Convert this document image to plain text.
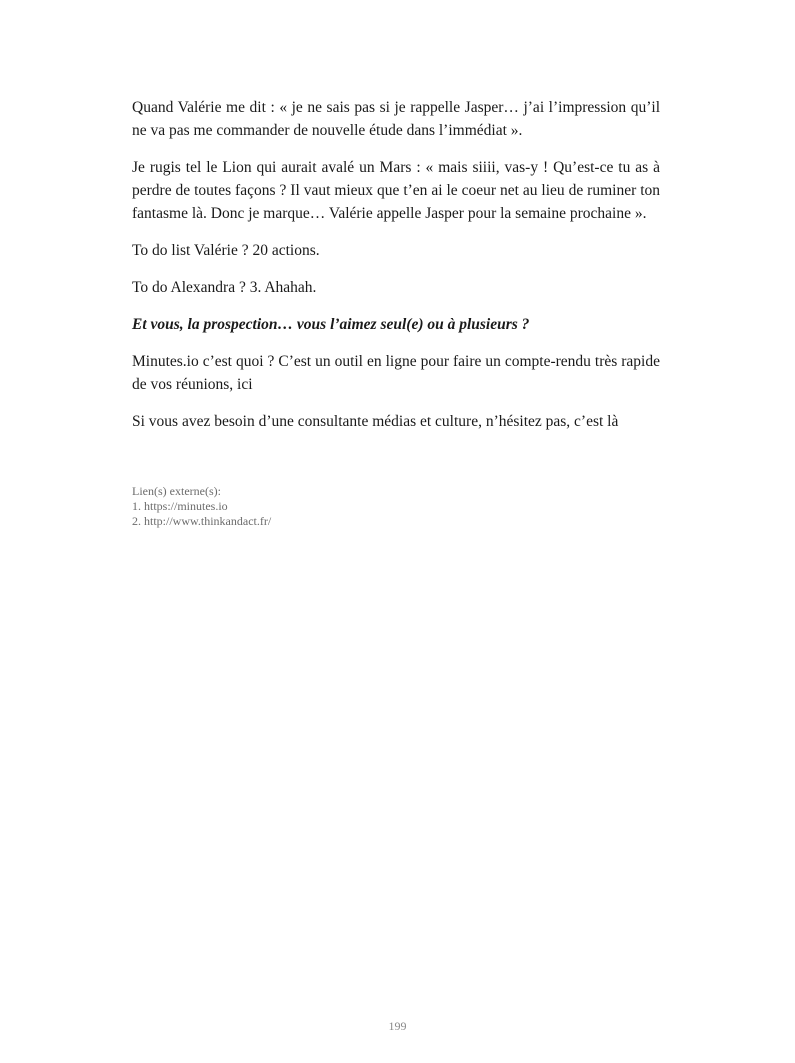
Quand Valérie me dit : « je ne sais pas si je rappelle Jasper… j’ai l’impression qu’il ne va pas me commander de nouvelle étude dans l’immédiat ».

Je rugis tel le Lion qui aurait avalé un Mars : « mais siiii, vas-y ! Qu’est-ce tu as à perdre de toutes façons ? Il vaut mieux que t’en ai le coeur net au lieu de ruminer ton fantasme là. Donc je marque… Valérie appelle Jasper pour la semaine prochaine ».

To do list Valérie ? 20 actions.

To do Alexandra ? 3. Ahahah.

Et vous, la prospection… vous l’aimez seul(e) ou à plusieurs ?

Minutes.io c’est quoi ? C’est un outil en ligne pour faire un compte-rendu très rapide de vos réunions, ici

Si vous avez besoin d’une consultante médias et culture, n’hésitez pas, c’est là

Lien(s) externe(s):
1. https://minutes.io
2. http://www.thinkandact.fr/
199
